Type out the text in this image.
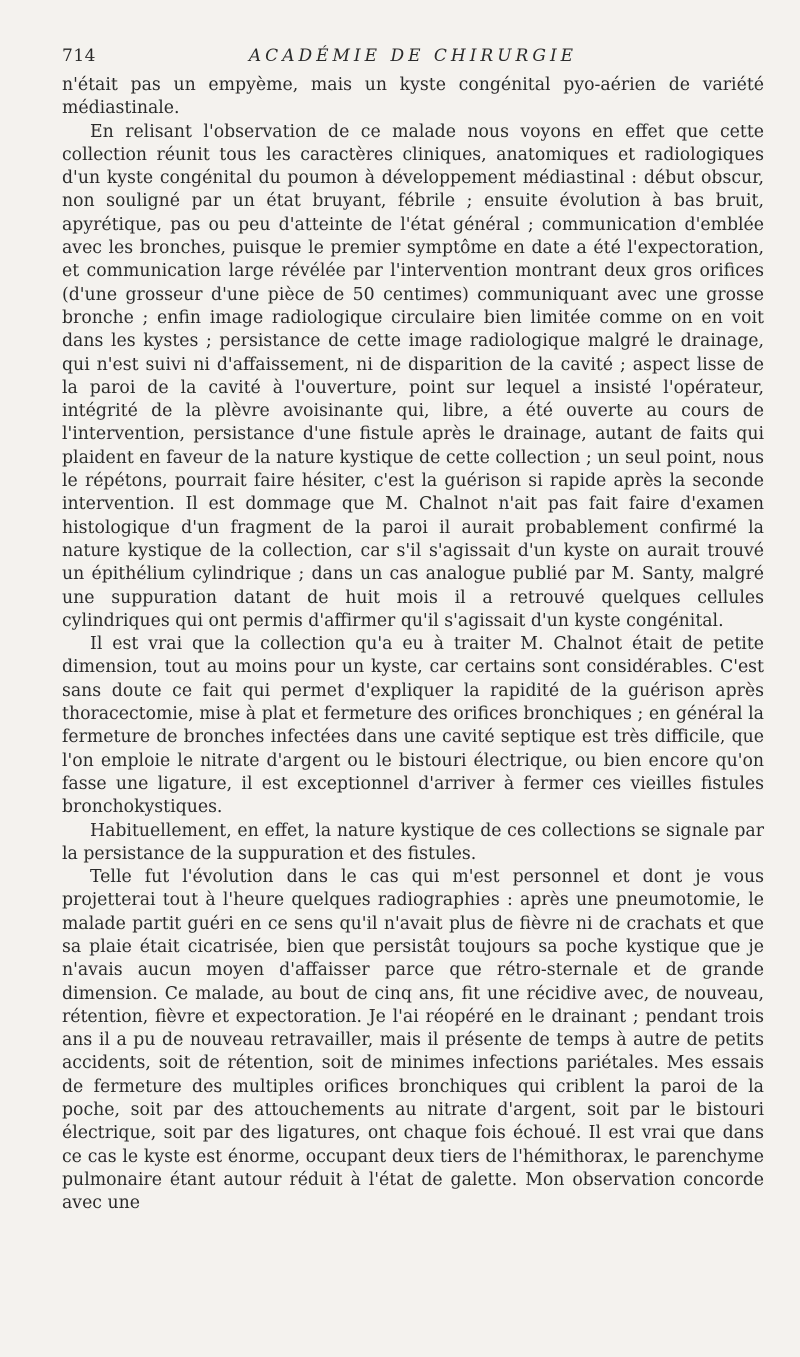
714	ACADÉMIE DE CHIRURGIE

n'était pas un empyème, mais un kyste congénital pyo-aérien de variété médiastinale.

En relisant l'observation de ce malade nous voyons en effet que cette collection réunit tous les caractères cliniques, anatomiques et radiologiques d'un kyste congénital du poumon à développement médiastinal : début obscur, non souligné par un état bruyant, fébrile ; ensuite évolution à bas bruit, apyrétique, pas ou peu d'atteinte de l'état général ; communication d'emblée avec les bronches, puisque le premier symptôme en date a été l'expectoration, et communication large révélée par l'intervention montrant deux gros orifices (d'une grosseur d'une pièce de 50 centimes) communiquant avec une grosse bronche ; enfin image radiologique circulaire bien limitée comme on en voit dans les kystes ; persistance de cette image radiologique malgré le drainage, qui n'est suivi ni d'affaissement, ni de disparition de la cavité ; aspect lisse de la paroi de la cavité à l'ouverture, point sur lequel a insisté l'opérateur, intégrité de la plèvre avoisinante qui, libre, a été ouverte au cours de l'intervention, persistance d'une fistule après le drainage, autant de faits qui plaident en faveur de la nature kystique de cette collection ; un seul point, nous le répétons, pourrait faire hésiter, c'est la guérison si rapide après la seconde intervention. Il est dommage que M. Chalnot n'ait pas fait faire d'examen histologique d'un fragment de la paroi il aurait probablement confirmé la nature kystique de la collection, car s'il s'agissait d'un kyste on aurait trouvé un épithélium cylindrique ; dans un cas analogue publié par M. Santy, malgré une suppuration datant de huit mois il a retrouvé quelques cellules cylindriques qui ont permis d'affirmer qu'il s'agissait d'un kyste congénital.

Il est vrai que la collection qu'a eu à traiter M. Chalnot était de petite dimension, tout au moins pour un kyste, car certains sont considérables. C'est sans doute ce fait qui permet d'expliquer la rapidité de la guérison après thoracectomie, mise à plat et fermeture des orifices bronchiques ; en général la fermeture de bronches infectées dans une cavité septique est très difficile, que l'on emploie le nitrate d'argent ou le bistouri électrique, ou bien encore qu'on fasse une ligature, il est exceptionnel d'arriver à fermer ces vieilles fistules bronchokystiques.

Habituellement, en effet, la nature kystique de ces collections se signale par la persistance de la suppuration et des fistules.

Telle fut l'évolution dans le cas qui m'est personnel et dont je vous projetterai tout à l'heure quelques radiographies : après une pneumotomie, le malade partit guéri en ce sens qu'il n'avait plus de fièvre ni de crachats et que sa plaie était cicatrisée, bien que persistât toujours sa poche kystique que je n'avais aucun moyen d'affaisser parce que rétro-sternale et de grande dimension. Ce malade, au bout de cinq ans, fit une récidive avec, de nouveau, rétention, fièvre et expectoration. Je l'ai réopéré en le drainant ; pendant trois ans il a pu de nouveau retravailler, mais il présente de temps à autre de petits accidents, soit de rétention, soit de minimes infections pariétales. Mes essais de fermeture des multiples orifices bronchiques qui criblent la paroi de la poche, soit par des attouchements au nitrate d'argent, soit par le bistouri électrique, soit par des ligatures, ont chaque fois échoué. Il est vrai que dans ce cas le kyste est énorme, occupant deux tiers de l'hémithorax, le parenchyme pulmonaire étant autour réduit à l'état de galette. Mon observation concorde avec une
